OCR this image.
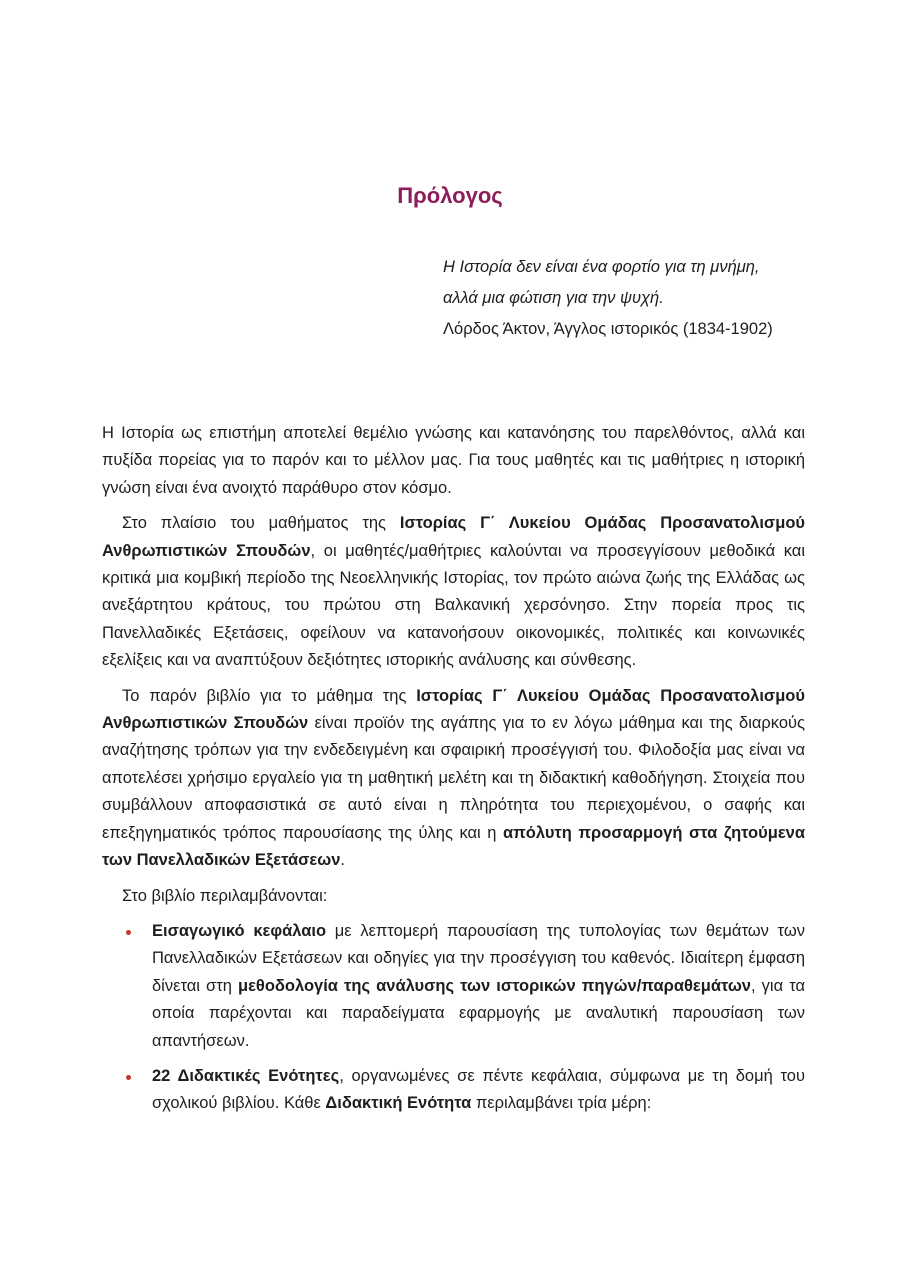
Πρόλογος
Η Ιστορία δεν είναι ένα φορτίο για τη μνήμη,
αλλά μια φώτιση για την ψυχή.
Λόρδος Άκτον, Άγγλος ιστορικός (1834-1902)

Η Ιστορία ως επιστήμη αποτελεί θεμέλιο γνώσης και κατανόησης του παρελθόντος, αλλά και πυξίδα πορείας για το παρόν και το μέλλον μας. Για τους μαθητές και τις μαθήτριες η ιστορική γνώση είναι ένα ανοιχτό παράθυρο στον κόσμο.

Στο πλαίσιο του μαθήματος της Ιστορίας Γ΄ Λυκείου Ομάδας Προσανατολισμού Ανθρωπιστικών Σπουδών, οι μαθητές/μαθήτριες καλούνται να προσεγγίσουν μεθοδικά και κριτικά μια κομβική περίοδο της Νεοελληνικής Ιστορίας, τον πρώτο αιώνα ζωής της Ελλάδας ως ανεξάρτητου κράτους, του πρώτου στη Βαλκανική χερσόνησο. Στην πορεία προς τις Πανελλαδικές Εξετάσεις, οφείλουν να κατανοήσουν οικονομικές, πολιτικές και κοινωνικές εξελίξεις και να αναπτύξουν δεξιότητες ιστορικής ανάλυσης και σύνθεσης.

Το παρόν βιβλίο για το μάθημα της Ιστορίας Γ΄ Λυκείου Ομάδας Προσανατολισμού Ανθρωπιστικών Σπουδών είναι προϊόν της αγάπης για το εν λόγω μάθημα και της διαρκούς αναζήτησης τρόπων για την ενδεδειγμένη και σφαιρική προσέγγισή του. Φιλοδοξία μας είναι να αποτελέσει χρήσιμο εργαλείο για τη μαθητική μελέτη και τη διδακτική καθοδήγηση. Στοιχεία που συμβάλλουν αποφασιστικά σε αυτό είναι η πληρότητα του περιεχομένου, ο σαφής και επεξηγηματικός τρόπος παρουσίασης της ύλης και η απόλυτη προσαρμογή στα ζητούμενα των Πανελλαδικών Εξετάσεων.

Στο βιβλίο περιλαμβάνονται:

Εισαγωγικό κεφάλαιο με λεπτομερή παρουσίαση της τυπολογίας των θεμάτων των Πανελλαδικών Εξετάσεων και οδηγίες για την προσέγγιση του καθενός. Ιδιαίτερη έμφαση δίνεται στη μεθοδολογία της ανάλυσης των ιστορικών πηγών/παραθεμάτων, για τα οποία παρέχονται και παραδείγματα εφαρμογής με αναλυτική παρουσίαση των απαντήσεων.
22 Διδακτικές Ενότητες, οργανωμένες σε πέντε κεφάλαια, σύμφωνα με τη δομή του σχολικού βιβλίου. Κάθε Διδακτική Ενότητα περιλαμβάνει τρία μέρη:
